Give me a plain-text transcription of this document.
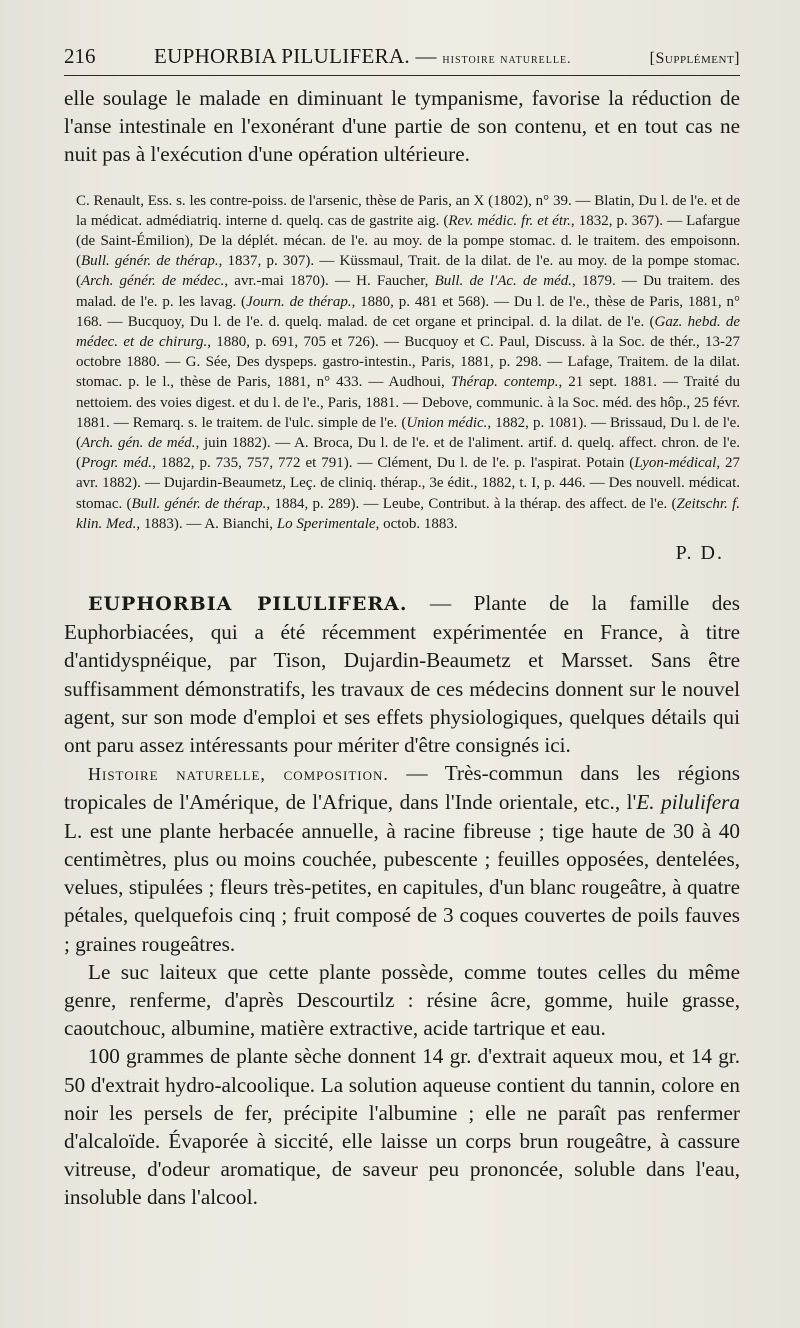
216	EUPHORBIA PILULIFERA. — histoire naturelle.	[Supplément]

elle soulage le malade en diminuant le tympanisme, favorise la réduction de l'anse intestinale en l'exonérant d'une partie de son contenu, et en tout cas ne nuit pas à l'exécution d'une opération ultérieure.

C. Renault, Ess. s. les contre-poiss. de l'arsenic, thèse de Paris, an X (1802), n° 39. — Blatin, Du l. de l'e. et de la médicat. admédiatriq. interne d. quelq. cas de gastrite aig. (Rev. médic. fr. et étr., 1832, p. 367). — Lafargue (de Saint-Émilion), De la déplét. mécan. de l'e. au moy. de la pompe stomac. d. le traitem. des empoisonn. (Bull. génér. de thérap., 1837, p. 307). — Küssmaul, Trait. de la dilat. de l'e. au moy. de la pompe stomac. (Arch. génér. de médec., avr.-mai 1870). — H. Faucher, Bull. de l'Ac. de méd., 1879. — Du traitem. des malad. de l'e. p. les lavag. (Journ. de thérap., 1880, p. 481 et 568). — Du l. de l'e., thèse de Paris, 1881, n° 168. — Bucquoy, Du l. de l'e. d. quelq. malad. de cet organe et principal. d. la dilat. de l'e. (Gaz. hebd. de médec. et de chirurg., 1880, p. 691, 705 et 726). — Bucquoy et C. Paul, Discuss. à la Soc. de thér., 13-27 octobre 1880. — G. Sée, Des dyspeps. gastro-intestin., Paris, 1881, p. 298. — Lafage, Traitem. de la dilat. stomac. p. le l., thèse de Paris, 1881, n° 433. — Audhoui, Thérap. contemp., 21 sept. 1881. — Traité du nettoiem. des voies digest. et du l. de l'e., Paris, 1881. — Debove, communic. à la Soc. méd. des hôp., 25 févr. 1881. — Remarq. s. le traitem. de l'ulc. simple de l'e. (Union médic., 1882, p. 1081). — Brissaud, Du l. de l'e. (Arch. gén. de méd., juin 1882). — A. Broca, Du l. de l'e. et de l'aliment. artif. d. quelq. affect. chron. de l'e. (Progr. méd., 1882, p. 735, 757, 772 et 791). — Clément, Du l. de l'e. p. l'aspirat. Potain (Lyon-médical, 27 avr. 1882). — Dujardin-Beaumetz, Leç. de cliniq. thérap., 3e édit., 1882, t. I, p. 446. — Des nouvell. médicat. stomac. (Bull. génér. de thérap., 1884, p. 289). — Leube, Contribut. à la thérap. des affect. de l'e. (Zeitschr. f. klin. Med., 1883). — A. Bianchi, Lo Sperimentale, octob. 1883.

P. D.

EUPHORBIA PILULIFERA. — Plante de la famille des Euphorbiacées, qui a été récemment expérimentée en France, à titre d'antidyspnéique, par Tison, Dujardin-Beaumetz et Marsset. Sans être suffisamment démonstratifs, les travaux de ces médecins donnent sur le nouvel agent, sur son mode d'emploi et ses effets physiologiques, quelques détails qui ont paru assez intéressants pour mériter d'être consignés ici.

Histoire naturelle, composition. — Très-commun dans les régions tropicales de l'Amérique, de l'Afrique, dans l'Inde orientale, etc., l'E. pilulifera L. est une plante herbacée annuelle, à racine fibreuse ; tige haute de 30 à 40 centimètres, plus ou moins couchée, pubescente ; feuilles opposées, dentelées, velues, stipulées ; fleurs très-petites, en capitules, d'un blanc rougeâtre, à quatre pétales, quelquefois cinq ; fruit composé de 3 coques couvertes de poils fauves ; graines rougeâtres.

Le suc laiteux que cette plante possède, comme toutes celles du même genre, renferme, d'après Descourtilz : résine âcre, gomme, huile grasse, caoutchouc, albumine, matière extractive, acide tartrique et eau.

100 grammes de plante sèche donnent 14 gr. d'extrait aqueux mou, et 14 gr. 50 d'extrait hydro-alcoolique. La solution aqueuse contient du tannin, colore en noir les persels de fer, précipite l'albumine ; elle ne paraît pas renfermer d'alcaloïde. Évaporée à siccité, elle laisse un corps brun rougeâtre, à cassure vitreuse, d'odeur aromatique, de saveur peu prononcée, soluble dans l'eau, insoluble dans l'alcool.
